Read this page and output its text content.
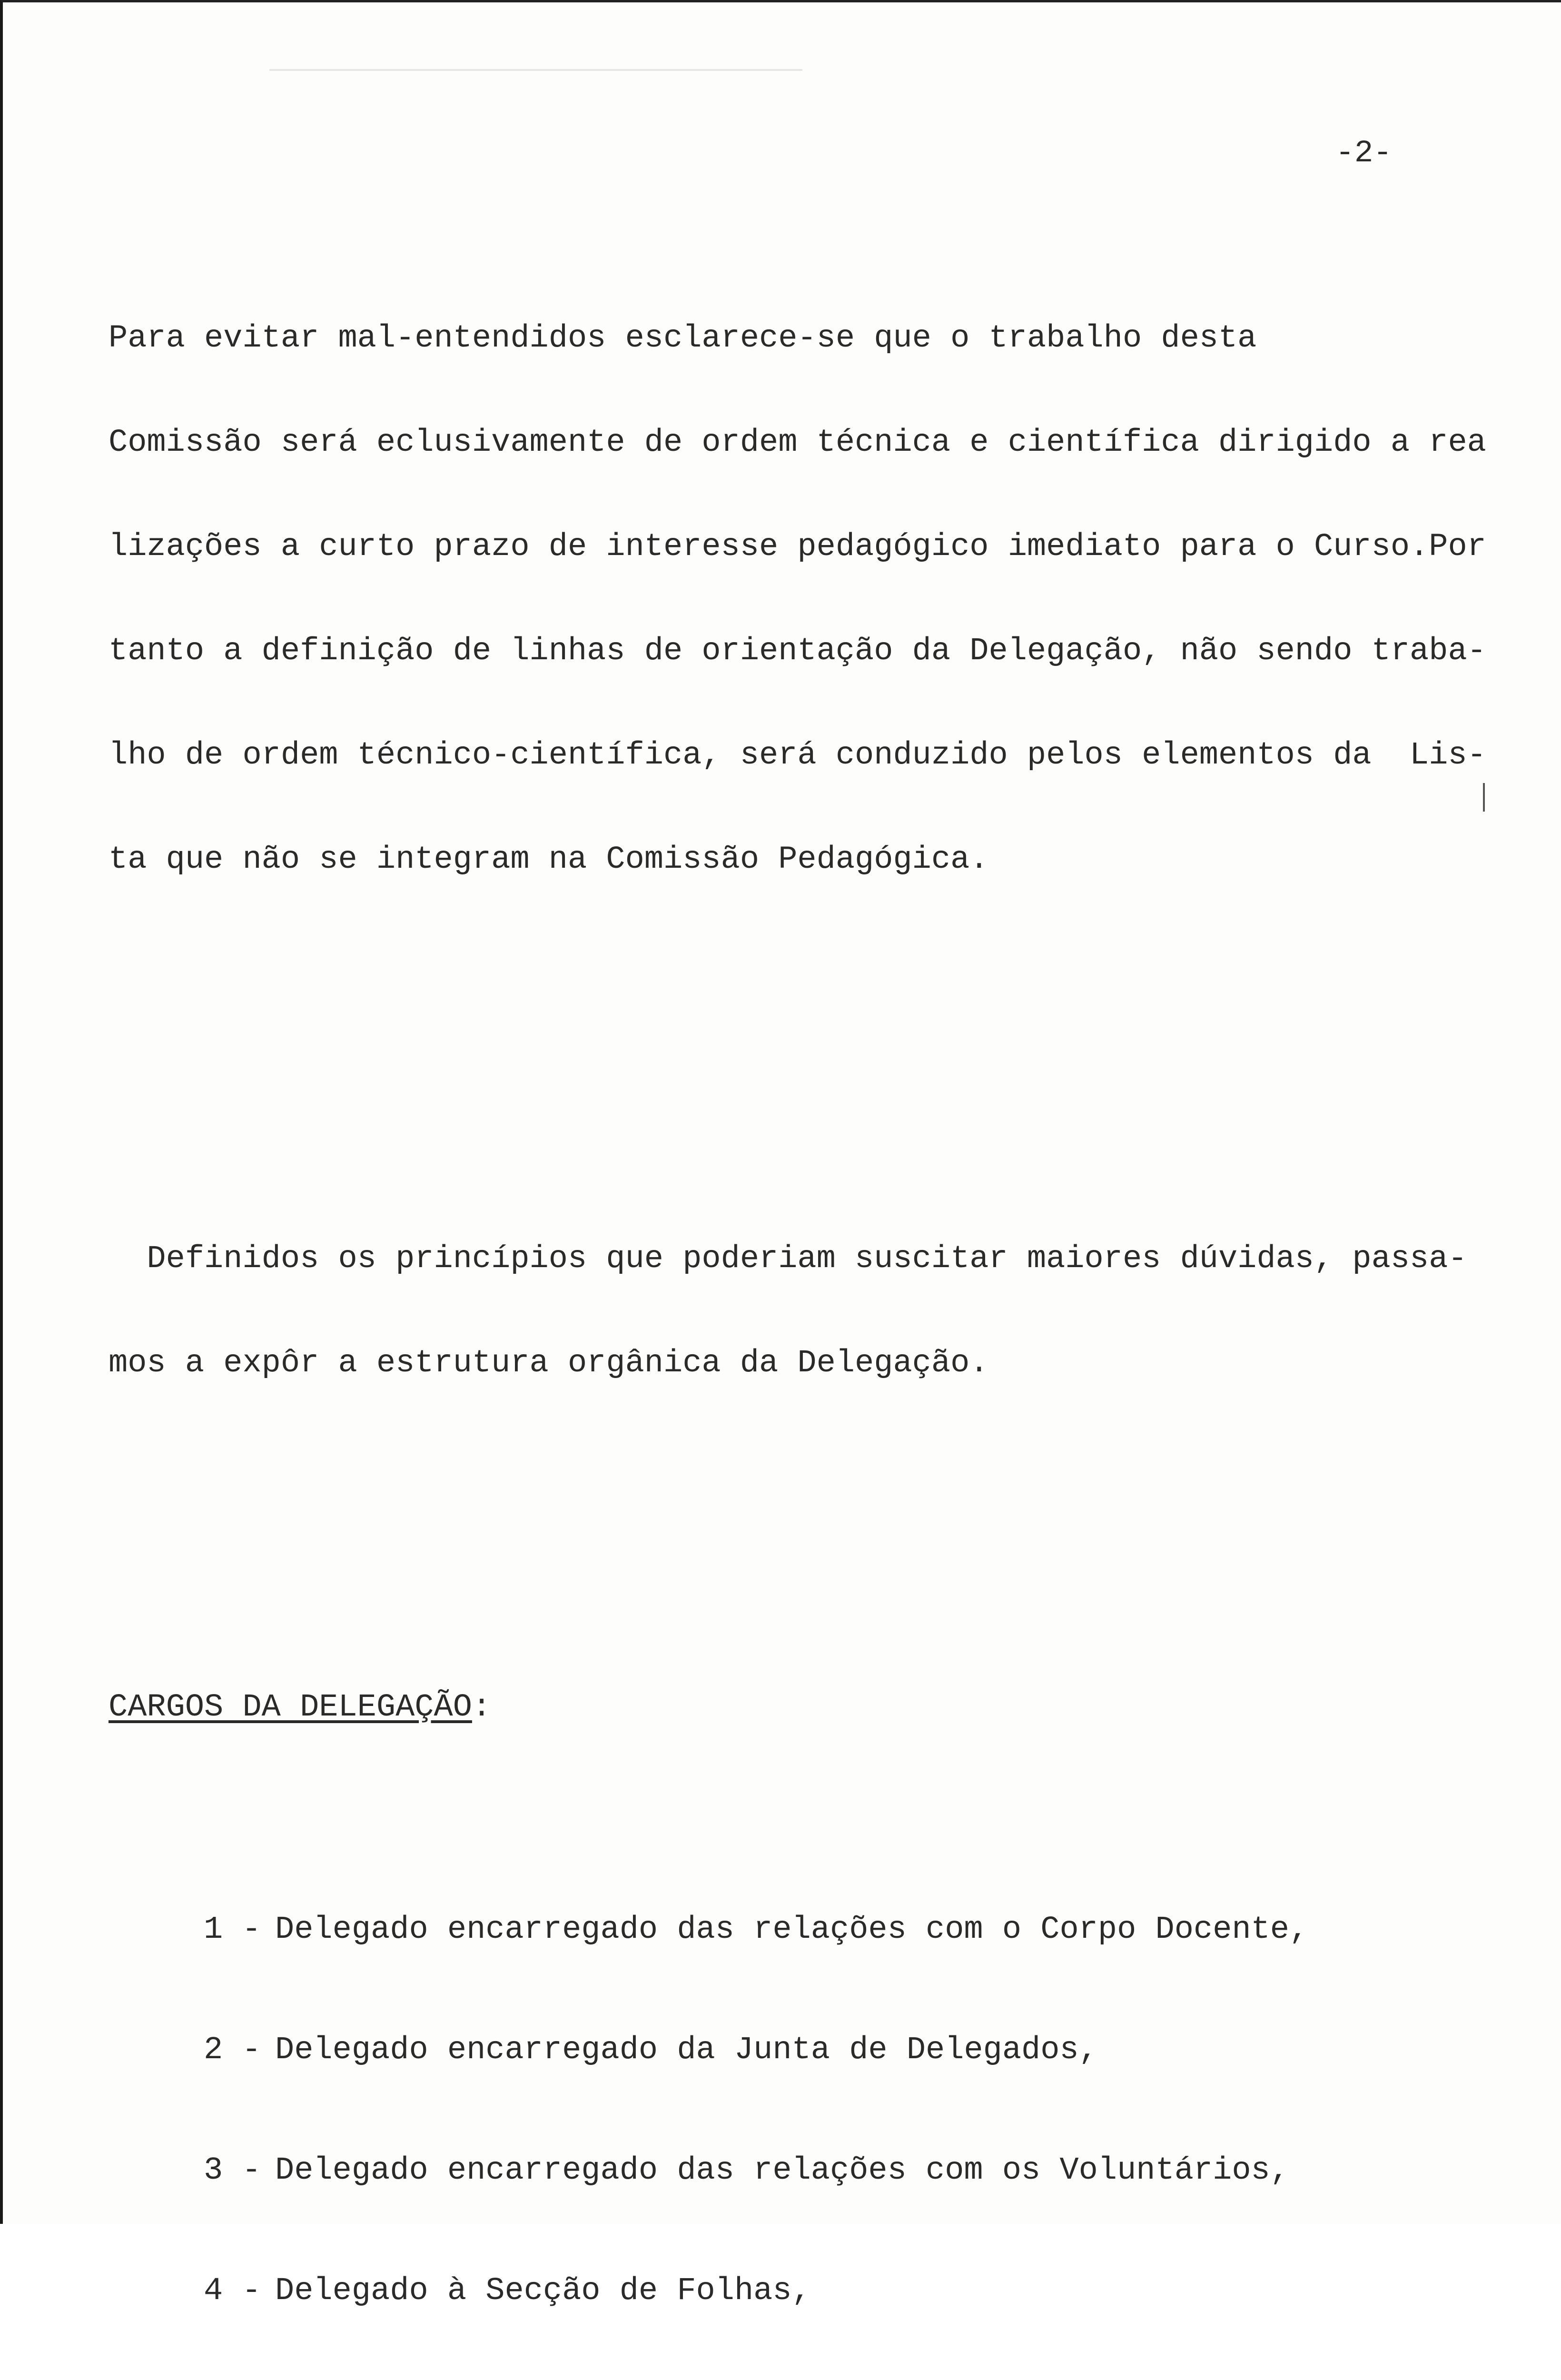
-2-

Para evitar mal-entendidos esclarece-se que o trabalho desta

Comissão será eclusivamente de ordem técnica e científica dirigido a rea

lizações a curto prazo de interesse pedagógico imediato para o Curso.Por

tanto a definição de linhas de orientação da Delegação, não sendo traba-

lho de ordem técnico-científica, será conduzido pelos elementos da  Lis-

ta que não se integram na Comissão Pedagógica.

Definidos os princípios que poderiam suscitar maiores dúvidas, passa-

mos a expôr a estrutura orgânica da Delegação.

CARGOS DA DELEGAÇÃO:

1 - Delegado encarregado das relações com o Corpo Docente,

2 - Delegado encarregado da Junta de Delegados,

3 - Delegado encarregado das relações com os Voluntários,

4 - Delegado à Secção de Folhas,
